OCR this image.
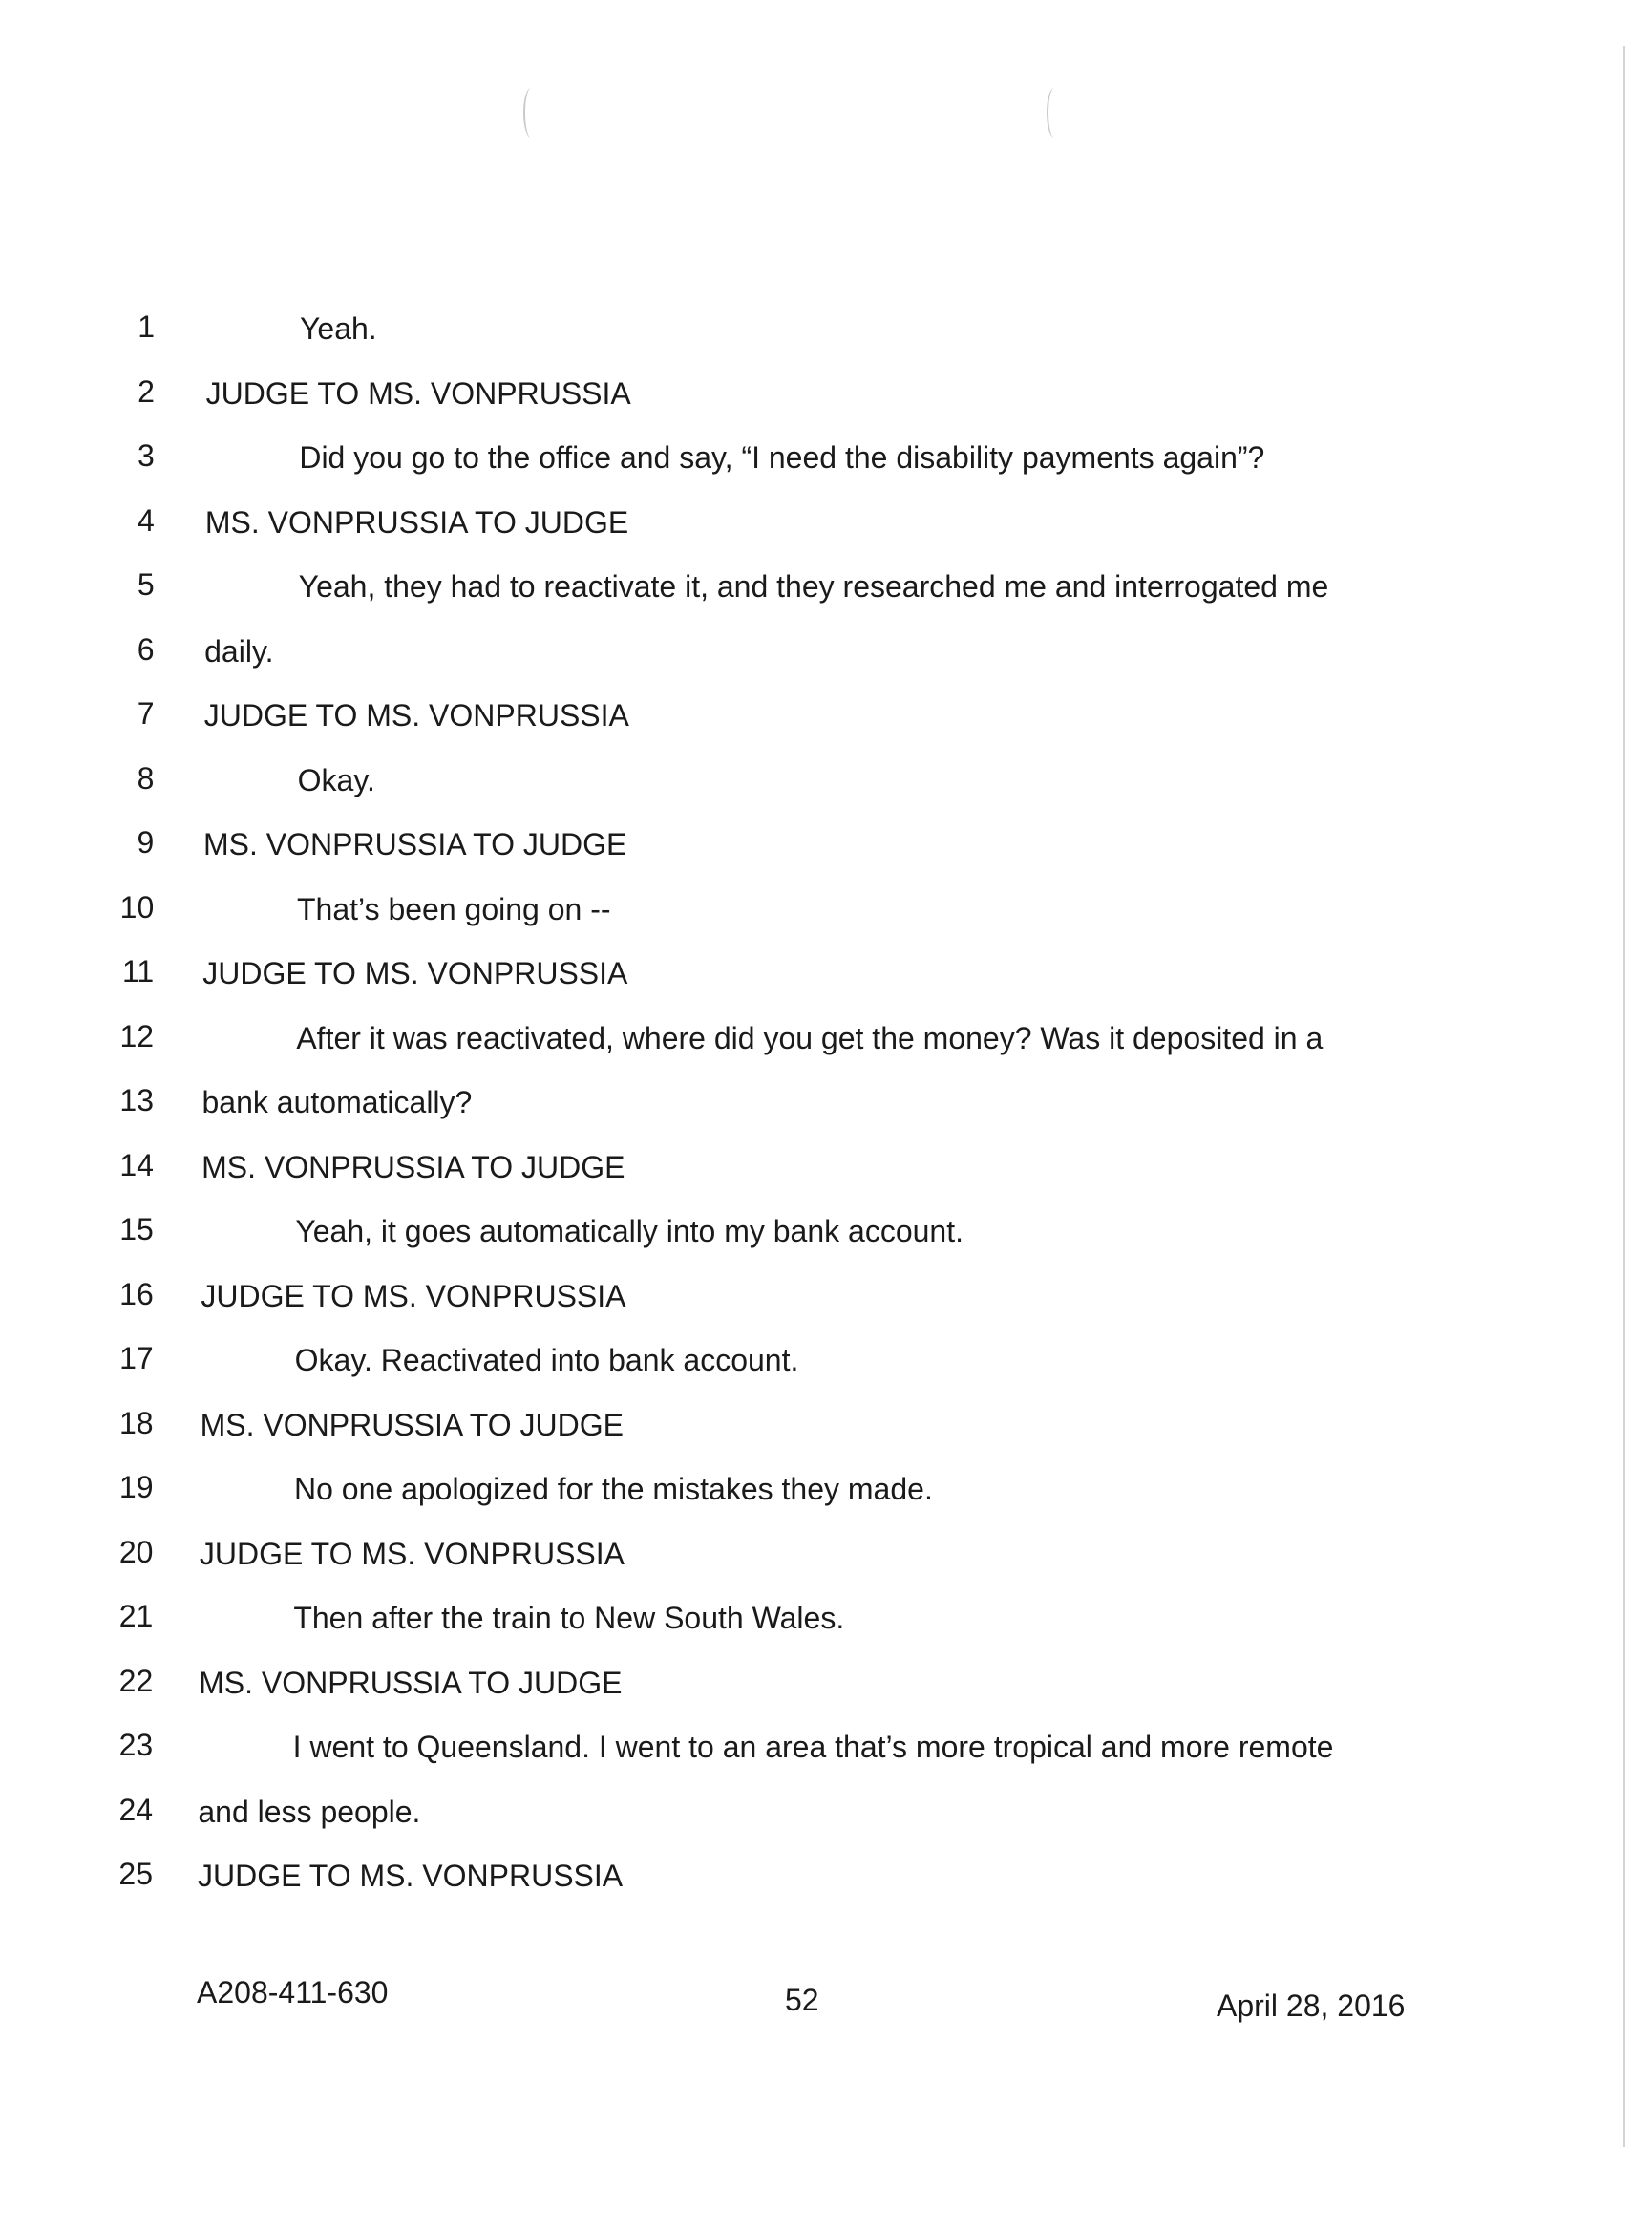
1	Yeah.
2 JUDGE TO MS. VONPRUSSIA
3	Did you go to the office and say, “I need the disability payments again”?
4 MS. VONPRUSSIA TO JUDGE
5	Yeah, they had to reactivate it, and they researched me and interrogated me
6 daily.
7 JUDGE TO MS. VONPRUSSIA
8	Okay.
9 MS. VONPRUSSIA TO JUDGE
10	That’s been going on --
11 JUDGE TO MS. VONPRUSSIA
12	After it was reactivated, where did you get the money? Was it deposited in a
13 bank automatically?
14 MS. VONPRUSSIA TO JUDGE
15	Yeah, it goes automatically into my bank account.
16 JUDGE TO MS. VONPRUSSIA
17	Okay. Reactivated into bank account.
18 MS. VONPRUSSIA TO JUDGE
19	No one apologized for the mistakes they made.
20 JUDGE TO MS. VONPRUSSIA
21	Then after the train to New South Wales.
22 MS. VONPRUSSIA TO JUDGE
23	I went to Queensland. I went to an area that’s more tropical and more remote
24 and less people.
25 JUDGE TO MS. VONPRUSSIA
A208-411-630	52	April 28, 2016
